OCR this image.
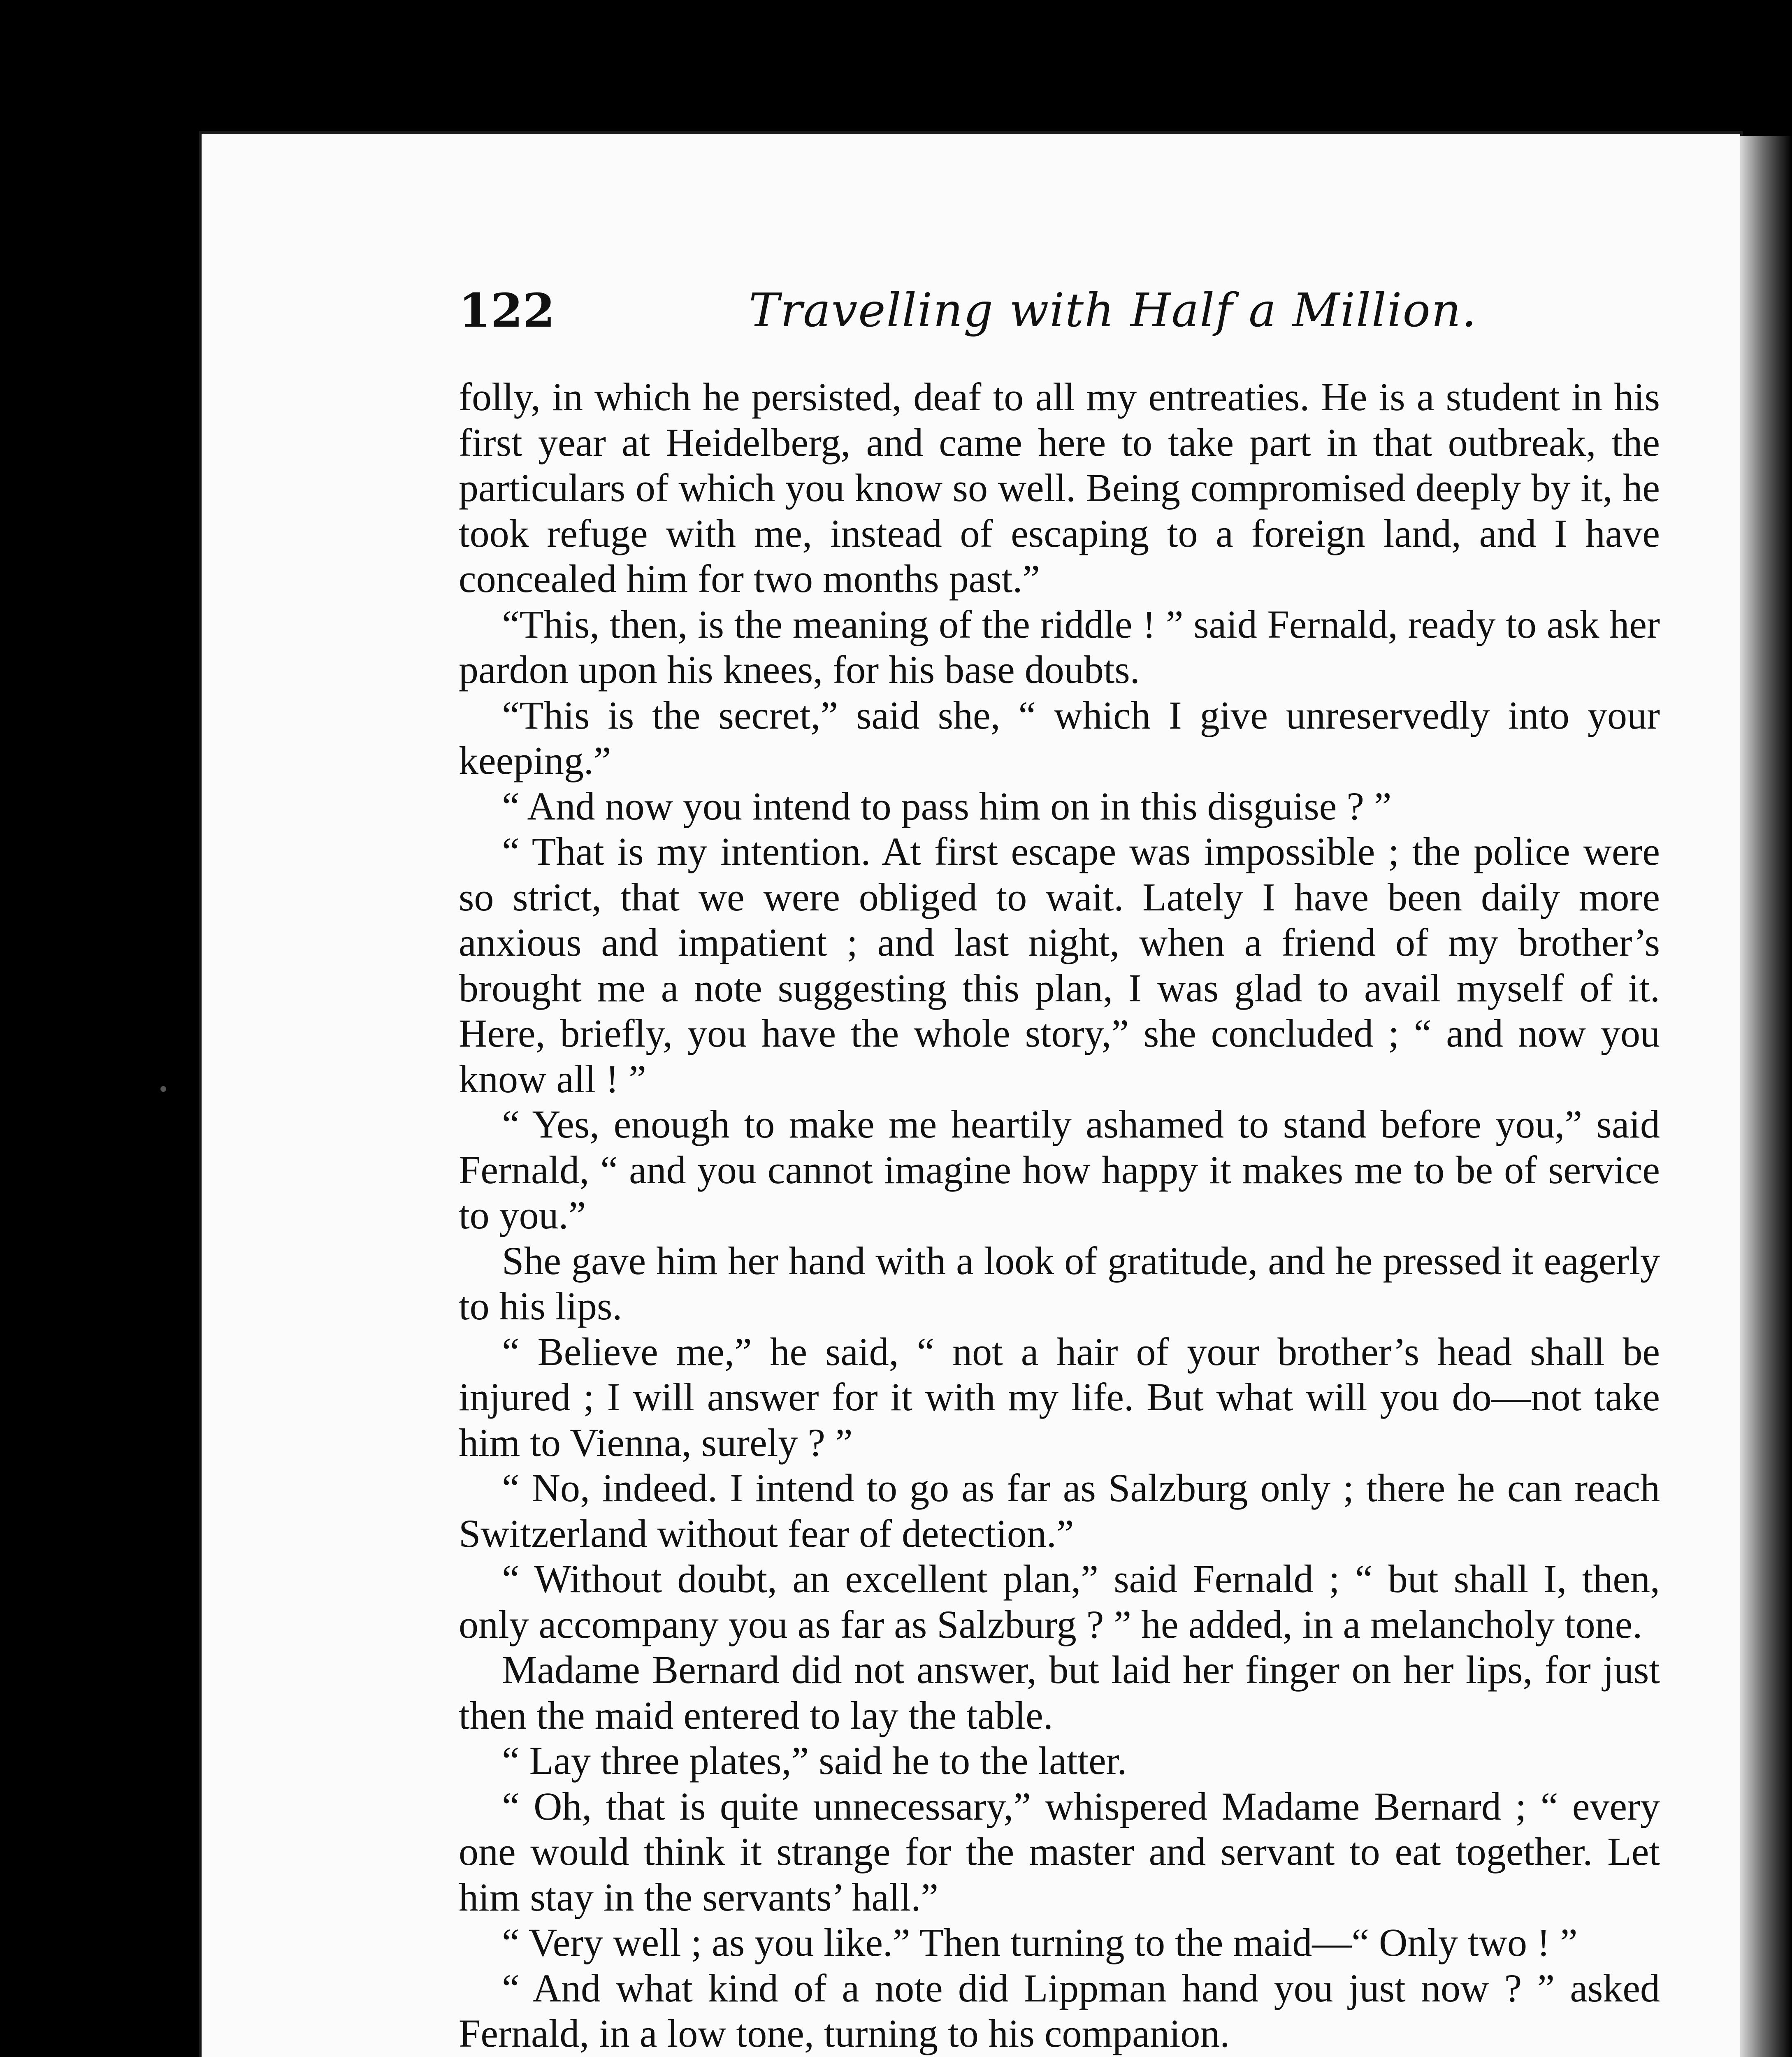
122	Travelling with Half a Million.

folly, in which he persisted, deaf to all my entreaties. He is a student in his first year at Heidelberg, and came here to take part in that outbreak, the particulars of which you know so well. Being compromised deeply by it, he took refuge with me, instead of escaping to a foreign land, and I have concealed him for two months past.”

“This, then, is the meaning of the riddle ! ” said Fernald, ready to ask her pardon upon his knees, for his base doubts.

“This is the secret,” said she, “ which I give unreservedly into your keeping.”

“ And now you intend to pass him on in this disguise ? ”

“ That is my intention. At first escape was impossible ; the police were so strict, that we were obliged to wait. Lately I have been daily more anxious and impatient ; and last night, when a friend of my brother’s brought me a note suggesting this plan, I was glad to avail myself of it. Here, briefly, you have the whole story,” she concluded ; “ and now you know all ! ”

“ Yes, enough to make me heartily ashamed to stand before you,” said Fernald, “ and you cannot imagine how happy it makes me to be of service to you.”

She gave him her hand with a look of gratitude, and he pressed it eagerly to his lips.

“ Believe me,” he said, “ not a hair of your brother’s head shall be injured ; I will answer for it with my life. But what will you do—not take him to Vienna, surely ? ”

“ No, indeed. I intend to go as far as Salzburg only ; there he can reach Switzerland without fear of detection.”

“ Without doubt, an excellent plan,” said Fernald ; “ but shall I, then, only accompany you as far as Salzburg ? ” he added, in a melancholy tone.

Madame Bernard did not answer, but laid her finger on her lips, for just then the maid entered to lay the table.

“ Lay three plates,” said he to the latter.

“ Oh, that is quite unnecessary,” whispered Madame Bernard ; “ every one would think it strange for the master and servant to eat together. Let him stay in the servants’ hall.”

“ Very well ; as you like.” Then turning to the maid—“ Only two ! ”

“ And what kind of a note did Lippman hand you just now ? ” asked Fernald, in a low tone, turning to his companion.
